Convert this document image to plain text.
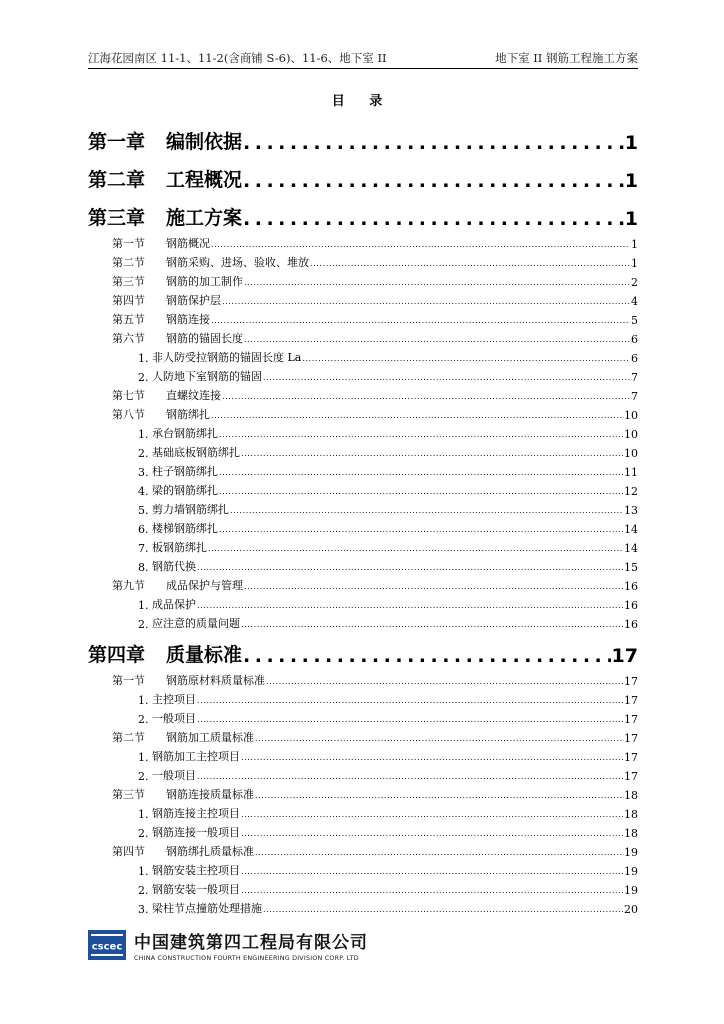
江海花园南区 11-1、11-2(含商铺 S-6)、11-6、地下室 II	地下室 II 钢筋工程施工方案
目 录
第一章	编制依据 .....	1
第二章	工程概况 .....	1
第三章	施工方案 .....	1
第一节	钢筋概况 .....	1
第二节	钢筋采购、进场、验收、堆放 .....	1
第三节	钢筋的加工制作 .....	2
第四节	钢筋保护层 .....	4
第五节	钢筋连接 .....	5
第六节	钢筋的锚固长度 .....	6
1. 非人防受拉钢筋的锚固长度 La .....	6
2. 人防地下室钢筋的锚固 .....	7
第七节	直螺纹连接 .....	7
第八节	钢筋绑扎 .....	10
1. 承台钢筋绑扎 .....	10
2. 基础底板钢筋绑扎 .....	10
3. 柱子钢筋绑扎 .....	11
4. 梁的钢筋绑扎 .....	12
5. 剪力墙钢筋绑扎 .....	13
6. 楼梯钢筋绑扎 .....	14
7. 板钢筋绑扎 .....	14
8. 钢筋代换 .....	15
第九节	成品保护与管理 .....	16
1. 成品保护 .....	16
2. 应注意的质量问题 .....	16
第四章	质量标准 .....	17
第一节	钢筋原材料质量标准 .....	17
1. 主控项目 .....	17
2. 一般项目 .....	17
第二节	钢筋加工质量标准 .....	17
1. 钢筋加工主控项目 .....	17
2. 一般项目 .....	17
第三节	钢筋连接质量标准 .....	18
1. 钢筋连接主控项目 .....	18
2. 钢筋连接一般项目 .....	18
第四节	钢筋绑扎质量标准 .....	19
1. 钢筋安装主控项目 .....	19
2. 钢筋安装一般项目 .....	19
3. 梁柱节点撞筋处理措施 .....	20
cscec 中国建筑第四工程局有限公司
CHINA CONSTRUCTION FOURTH ENGINEERING DIVISION CORP. LTD
